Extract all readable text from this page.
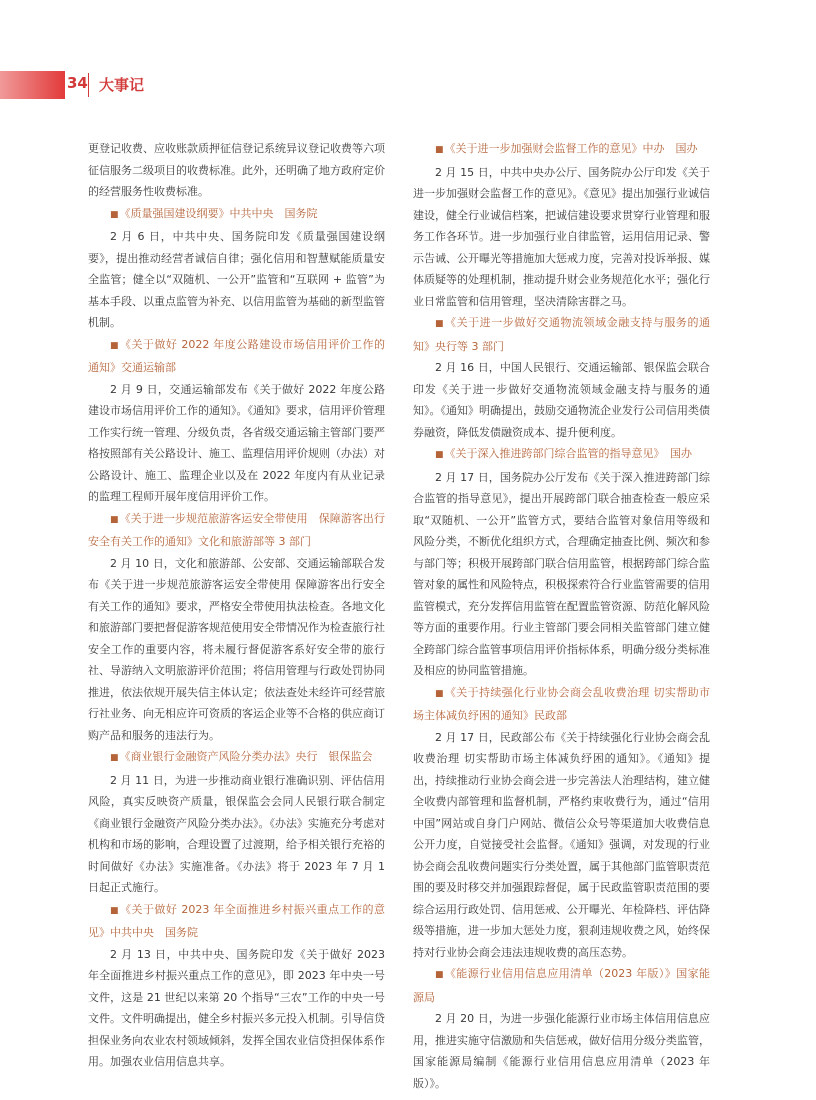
34 大事记

更登记收费、应收账款质押征信登记系统异议登记收费等六项征信服务二级项目的收费标准。此外，还明确了地方政府定价的经营服务性收费标准。

■《质量强国建设纲要》中共中央　国务院

2 月 6 日，中共中央、国务院印发《质量强国建设纲要》，提出推动经营者诚信自律；强化信用和智慧赋能质量安全监管；健全以“双随机、一公开”监管和“互联网 + 监管”为基本手段、以重点监管为补充、以信用监管为基础的新型监管机制。

■《关于做好 2022 年度公路建设市场信用评价工作的通知》交通运输部

2 月 9 日，交通运输部发布《关于做好 2022 年度公路建设市场信用评价工作的通知》。《通知》要求，信用评价管理工作实行统一管理、分级负责，各省级交通运输主管部门要严格按照部有关公路设计、施工、监理信用评价规则（办法）对公路设计、施工、监理企业以及在 2022 年度内有从业记录的监理工程师开展年度信用评价工作。

■《关于进一步规范旅游客运安全带使用　保障游客出行安全有关工作的通知》文化和旅游部等 3 部门

2 月 10 日，文化和旅游部、公安部、交通运输部联合发布《关于进一步规范旅游客运安全带使用 保障游客出行安全有关工作的通知》要求，严格安全带使用执法检查。各地文化和旅游部门要把督促游客规范使用安全带情况作为检查旅行社安全工作的重要内容，将未履行督促游客系好安全带的旅行社、导游纳入文明旅游评价范围；将信用管理与行政处罚协同推进，依法依规开展失信主体认定；依法查处未经许可经营旅行社业务、向无相应许可资质的客运企业等不合格的供应商订购产品和服务的违法行为。

■《商业银行金融资产风险分类办法》央行　银保监会

2 月 11 日，为进一步推动商业银行准确识别、评估信用风险，真实反映资产质量，银保监会会同人民银行联合制定《商业银行金融资产风险分类办法》。《办法》实施充分考虑对机构和市场的影响，合理设置了过渡期，给予相关银行充裕的时间做好《办法》实施准备。《办法》将于 2023 年 7 月 1 日起正式施行。

■《关于做好 2023 年全面推进乡村振兴重点工作的意见》中共中央　国务院

2 月 13 日，中共中央、国务院印发《关于做好 2023 年全面推进乡村振兴重点工作的意见》，即 2023 年中央一号文件，这是 21 世纪以来第 20 个指导“三农”工作的中央一号文件。文件明确提出，健全乡村振兴多元投入机制。引导信贷担保业务向农业农村领域倾斜，发挥全国农业信贷担保体系作用。加强农业信用信息共享。

■《关于进一步加强财会监督工作的意见》中办　国办

2 月 15 日，中共中央办公厅、国务院办公厅印发《关于进一步加强财会监督工作的意见》。《意见》提出加强行业诚信建设，健全行业诚信档案，把诚信建设要求贯穿行业管理和服务工作各环节。进一步加强行业自律监管，运用信用记录、警示告诫、公开曝光等措施加大惩戒力度，完善对投诉举报、媒体质疑等的处理机制，推动提升财会业务规范化水平；强化行业日常监管和信用管理，坚决清除害群之马。

■《关于进一步做好交通物流领域金融支持与服务的通知》央行等 3 部门

2 月 16 日，中国人民银行、交通运输部、银保监会联合印发《关于进一步做好交通物流领域金融支持与服务的通知》。《通知》明确提出，鼓励交通物流企业发行公司信用类债券融资，降低发债融资成本、提升便利度。

■《关于深入推进跨部门综合监管的指导意见》　国办

2 月 17 日，国务院办公厅发布《关于深入推进跨部门综合监管的指导意见》，提出开展跨部门联合抽查检查一般应采取“双随机、一公开”监管方式，要结合监管对象信用等级和风险分类，不断优化组织方式，合理确定抽查比例、频次和参与部门等；积极开展跨部门联合信用监管，根据跨部门综合监管对象的属性和风险特点，积极探索符合行业监管需要的信用监管模式，充分发挥信用监管在配置监管资源、防范化解风险等方面的重要作用。行业主管部门要会同相关监管部门建立健全跨部门综合监管事项信用评价指标体系，明确分级分类标准及相应的协同监管措施。

■《关于持续强化行业协会商会乱收费治理 切实帮助市场主体减负纾困的通知》民政部

2 月 17 日，民政部公布《关于持续强化行业协会商会乱收费治理 切实帮助市场主体减负纾困的通知》。《通知》提出，持续推动行业协会商会进一步完善法人治理结构，建立健全收费内部管理和监督机制，严格约束收费行为，通过“信用中国”网站或自身门户网站、微信公众号等渠道加大收费信息公开力度，自觉接受社会监督。《通知》强调，对发现的行业协会商会乱收费问题实行分类处置，属于其他部门监管职责范围的要及时移交并加强跟踪督促，属于民政监管职责范围的要综合运用行政处罚、信用惩戒、公开曝光、年检降档、评估降级等措施，进一步加大惩处力度，狠刹违规收费之风，始终保持对行业协会商会违法违规收费的高压态势。

■《能源行业信用信息应用清单（2023 年版）》国家能源局

2 月 20 日，为进一步强化能源行业市场主体信用信息应用，推进实施守信激励和失信惩戒，做好信用分级分类监管，国家能源局编制《能源行业信用信息应用清单（2023 年版）》。
